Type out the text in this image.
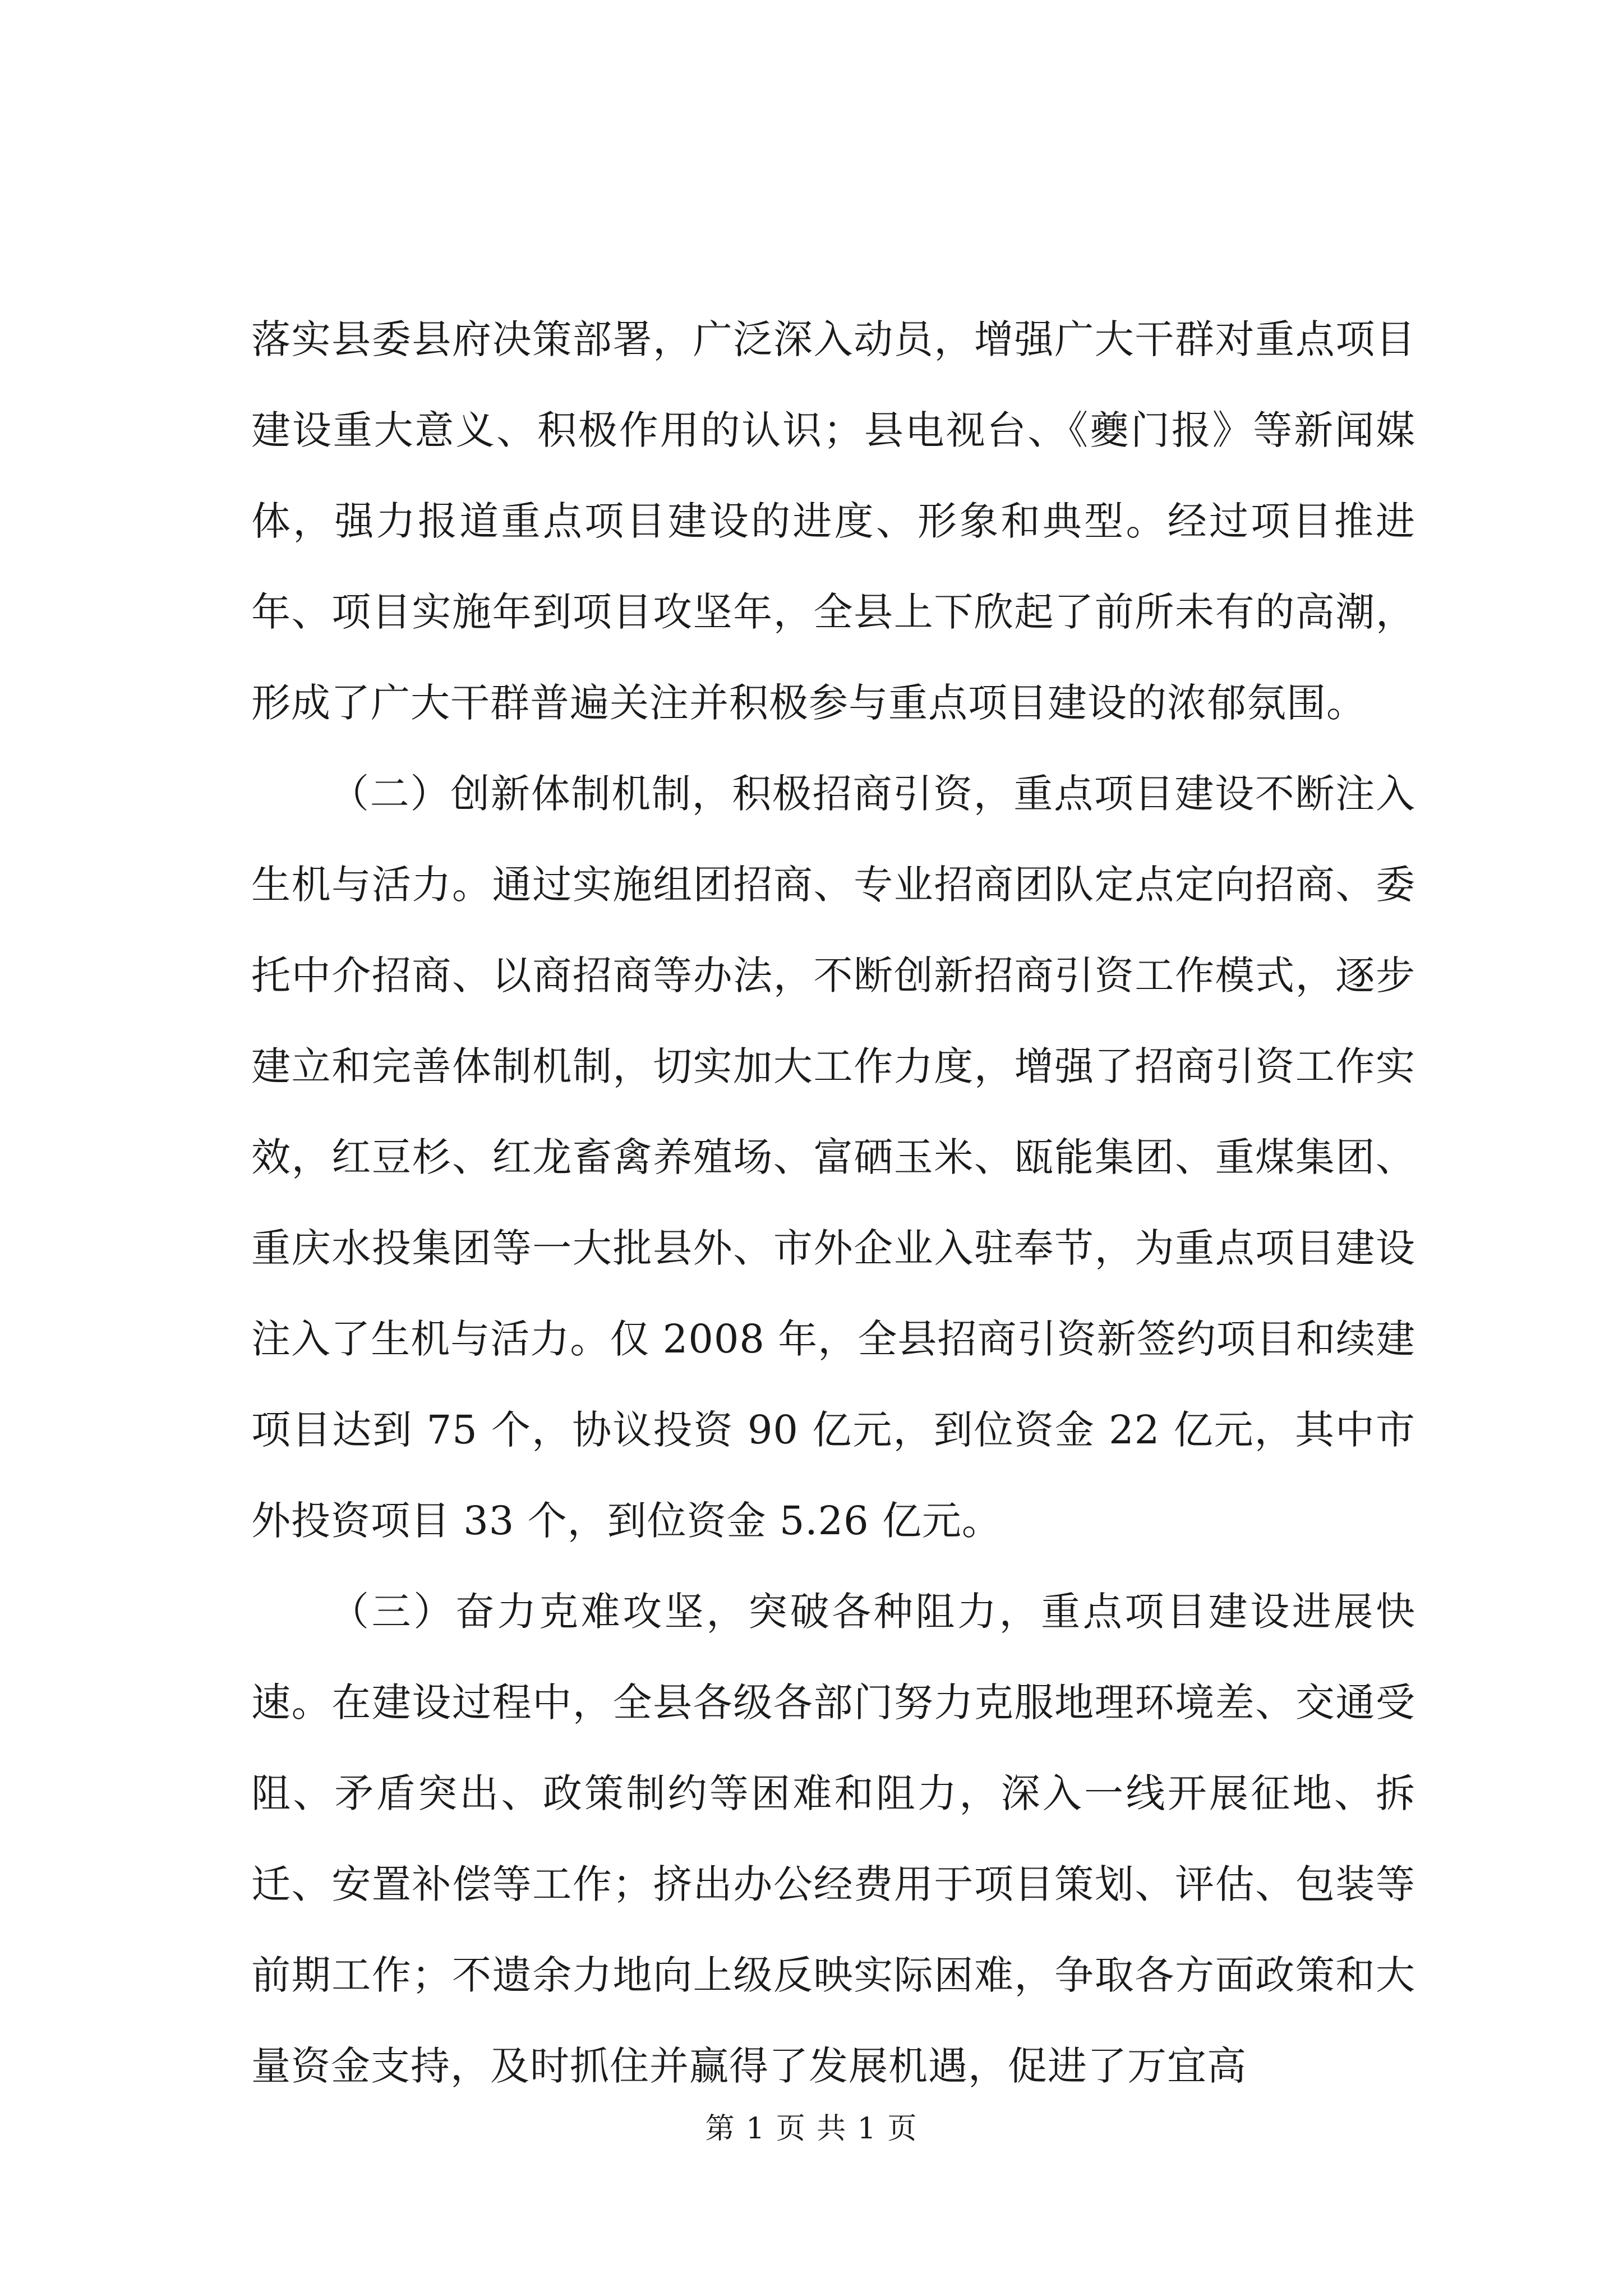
落实县委县府决策部署，广泛深入动员，增强广大干群对重点项目建设重大意义、积极作用的认识；县电视台、《夔门报》等新闻媒体，强力报道重点项目建设的进度、形象和典型。经过项目推进年、项目实施年到项目攻坚年，全县上下欣起了前所未有的高潮，形成了广大干群普遍关注并积极参与重点项目建设的浓郁氛围。

（二）创新体制机制，积极招商引资，重点项目建设不断注入生机与活力。通过实施组团招商、专业招商团队定点定向招商、委托中介招商、以商招商等办法，不断创新招商引资工作模式，逐步建立和完善体制机制，切实加大工作力度，增强了招商引资工作实效，红豆杉、红龙畜禽养殖场、富硒玉米、瓯能集团、重煤集团、重庆水投集团等一大批县外、市外企业入驻奉节，为重点项目建设注入了生机与活力。仅 2008 年，全县招商引资新签约项目和续建项目达到 75 个，协议投资 90 亿元，到位资金 22 亿元，其中市外投资项目 33 个，到位资金 5.26 亿元。

（三）奋力克难攻坚，突破各种阻力，重点项目建设进展快速。在建设过程中，全县各级各部门努力克服地理环境差、交通受阻、矛盾突出、政策制约等困难和阻力，深入一线开展征地、拆迁、安置补偿等工作；挤出办公经费用于项目策划、评估、包装等前期工作；不遗余力地向上级反映实际困难，争取各方面政策和大量资金支持，及时抓住并赢得了发展机遇，促进了万宜高

第 1 页 共 1 页
